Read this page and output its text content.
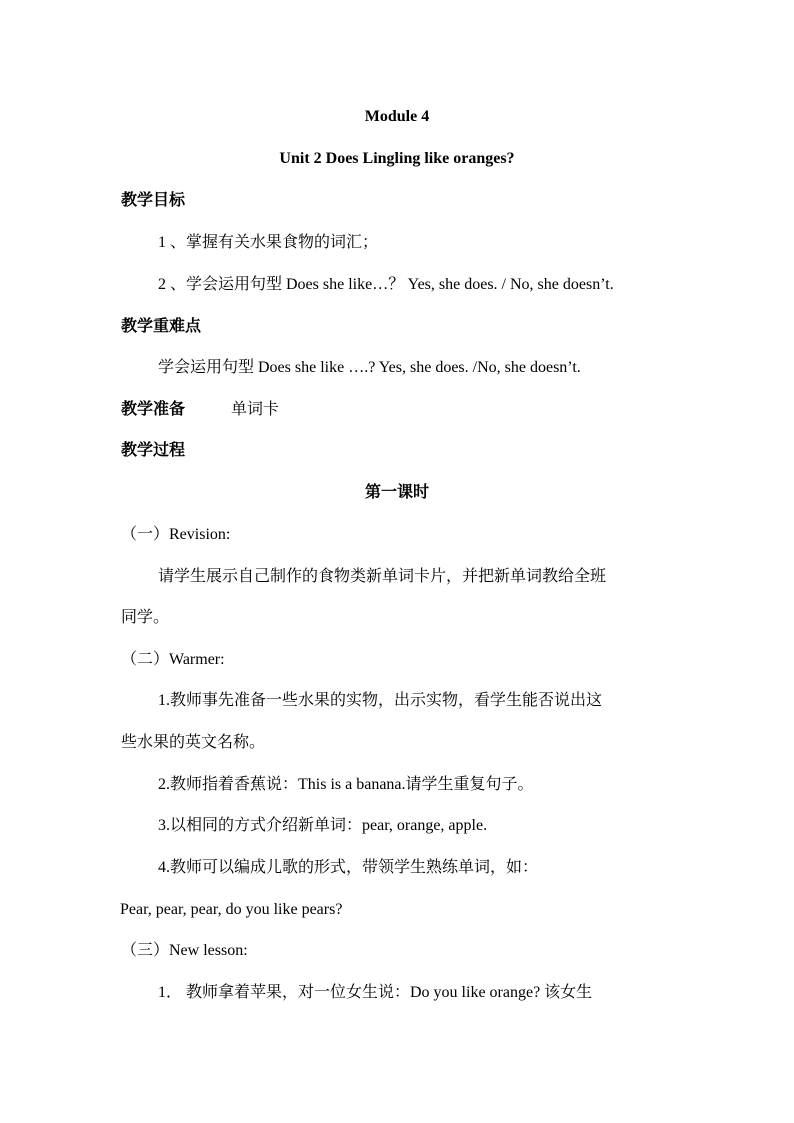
Module 4
Unit 2 Does Lingling like oranges?
教学目标
1 、掌握有关水果食物的词汇；
2 、学会运用句型 Does she like…？ Yes, she does. / No, she doesn’t.
教学重难点
学会运用句型 Does she like ….? Yes, she does. /No, she doesn’t.
教学准备	单词卡
教学过程
第一课时
（一）Revision:
请学生展示自己制作的食物类新单词卡片，并把新单词教给全班
同学。
（二）Warmer:
1.教师事先准备一些水果的实物，出示实物，看学生能否说出这
些水果的英文名称。
2.教师指着香蕉说：This is a banana.请学生重复句子。
3.以相同的方式介绍新单词：pear, orange, apple.
4.教师可以编成儿歌的形式，带领学生熟练单词，如：
Pear, pear, pear, do you like pears?
（三）New lesson:
1． 教师拿着苹果，对一位女生说：Do you like orange? 该女生
